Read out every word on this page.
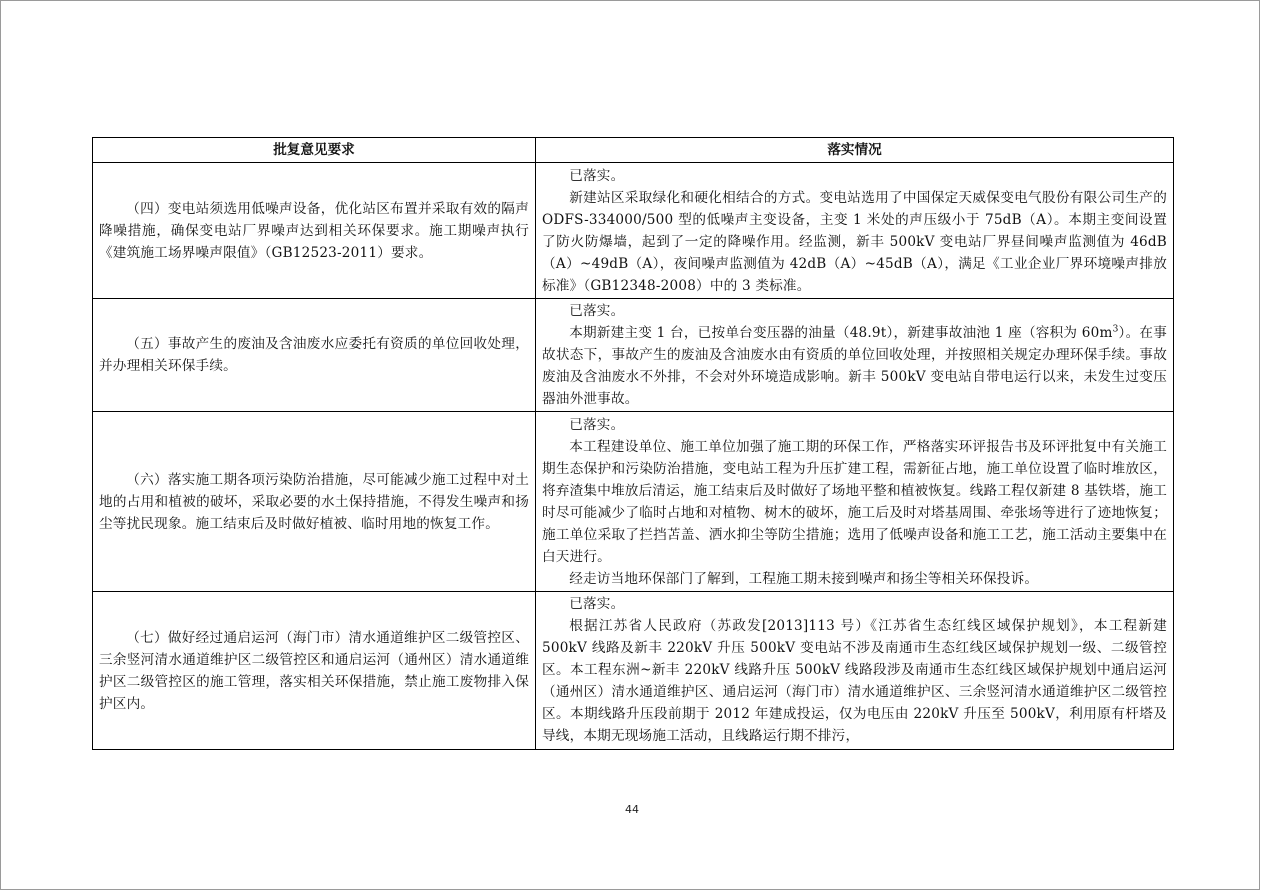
批复意见要求	落实情况

（四）变电站须选用低噪声设备，优化站区布置并采取有效的隔声降噪措施，确保变电站厂界噪声达到相关环保要求。施工期噪声执行《建筑施工场界噪声限值》（GB12523-2011）要求。	已落实。

新建站区采取绿化和硬化相结合的方式。变电站选用了中国保定天威保变电气股份有限公司生产的 ODFS-334000/500 型的低噪声主变设备，主变 1 米处的声压级小于 75dB（A）。本期主变间设置了防火防爆墙，起到了一定的降噪作用。经监测，新丰 500kV 变电站厂界昼间噪声监测值为 46dB（A）~49dB（A），夜间噪声监测值为 42dB（A）~45dB（A），满足《工业企业厂界环境噪声排放标准》（GB12348-2008）中的 3 类标准。

（五）事故产生的废油及含油废水应委托有资质的单位回收处理，并办理相关环保手续。	已落实。

本期新建主变 1 台，已按单台变压器的油量（48.9t），新建事故油池 1 座（容积为 $60m^3$）。在事故状态下，事故产生的废油及含油废水由有资质的单位回收处理，并按照相关规定办理环保手续。事故废油及含油废水不外排，不会对外环境造成影响。新丰 500kV 变电站自带电运行以来，未发生过变压器油外泄事故。

（六）落实施工期各项污染防治措施，尽可能减少施工过程中对土地的占用和植被的破坏，采取必要的水土保持措施，不得发生噪声和扬尘等扰民现象。施工结束后及时做好植被、临时用地的恢复工作。	已落实。

本工程建设单位、施工单位加强了施工期的环保工作，严格落实环评报告书及环评批复中有关施工期生态保护和污染防治措施，变电站工程为升压扩建工程，需新征占地，施工单位设置了临时堆放区，将弃渣集中堆放后清运，施工结束后及时做好了场地平整和植被恢复。线路工程仅新建 8 基铁塔，施工时尽可能减少了临时占地和对植物、树木的破坏，施工后及时对塔基周围、牵张场等进行了迹地恢复；施工单位采取了拦挡苫盖、洒水抑尘等防尘措施；选用了低噪声设备和施工工艺，施工活动主要集中在白天进行。

经走访当地环保部门了解到，工程施工期未接到噪声和扬尘等相关环保投诉。

（七）做好经过通启运河（海门市）清水通道维护区二级管控区、三余竖河清水通道维护区二级管控区和通启运河（通州区）清水通道维护区二级管控区的施工管理，落实相关环保措施，禁止施工废物排入保护区内。	已落实。

根据江苏省人民政府（苏政发[2013]113 号）《江苏省生态红线区域保护规划》，本工程新建 500kV 线路及新丰 220kV 升压 500kV 变电站不涉及南通市生态红线区域保护规划一级、二级管控区。本工程东洲~新丰 220kV 线路升压 500kV 线路段涉及南通市生态红线区域保护规划中通启运河（通州区）清水通道维护区、通启运河（海门市）清水通道维护区、三余竖河清水通道维护区二级管控区。本期线路升压段前期于 2012 年建成投运，仅为电压由 220kV 升压至 500kV，利用原有杆塔及导线，本期无现场施工活动，且线路运行期不排污，

44
